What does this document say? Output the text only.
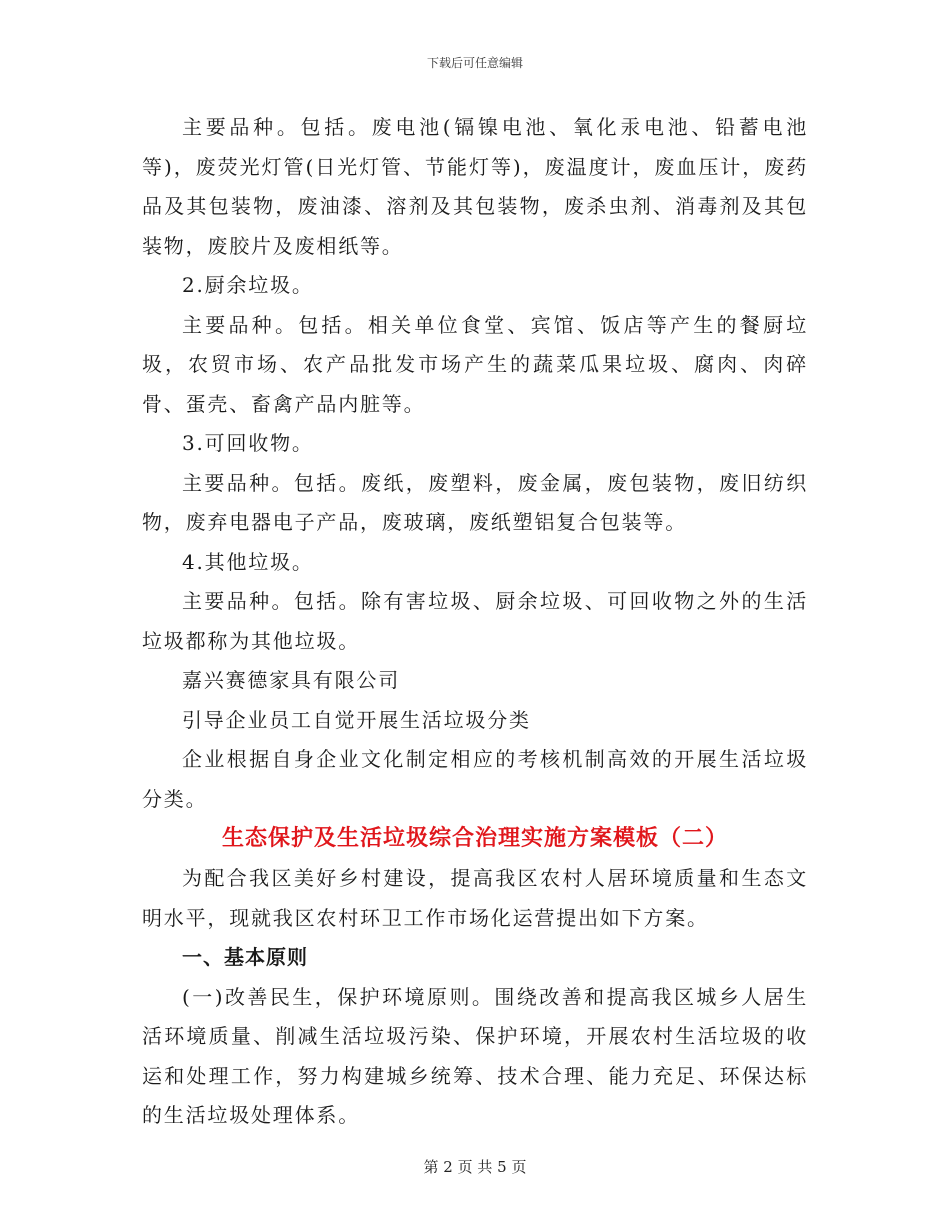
下载后可任意编辑

主要品种。包括。废电池(镉镍电池、氧化汞电池、铅蓄电池等)，废荧光灯管(日光灯管、节能灯等)，废温度计，废血压计，废药品及其包装物，废油漆、溶剂及其包装物，废杀虫剂、消毒剂及其包装物，废胶片及废相纸等。

2.厨余垃圾。

主要品种。包括。相关单位食堂、宾馆、饭店等产生的餐厨垃圾，农贸市场、农产品批发市场产生的蔬菜瓜果垃圾、腐肉、肉碎骨、蛋壳、畜禽产品内脏等。

3.可回收物。

主要品种。包括。废纸，废塑料，废金属，废包装物，废旧纺织物，废弃电器电子产品，废玻璃，废纸塑铝复合包装等。

4.其他垃圾。

主要品种。包括。除有害垃圾、厨余垃圾、可回收物之外的生活垃圾都称为其他垃圾。

嘉兴赛德家具有限公司

引导企业员工自觉开展生活垃圾分类

企业根据自身企业文化制定相应的考核机制高效的开展生活垃圾分类。

生态保护及生活垃圾综合治理实施方案模板（二）

为配合我区美好乡村建设，提高我区农村人居环境质量和生态文明水平，现就我区农村环卫工作市场化运营提出如下方案。

一、基本原则

(一)改善民生，保护环境原则。围绕改善和提高我区城乡人居生活环境质量、削减生活垃圾污染、保护环境，开展农村生活垃圾的收运和处理工作，努力构建城乡统筹、技术合理、能力充足、环保达标的生活垃圾处理体系。

第 2 页 共 5 页
